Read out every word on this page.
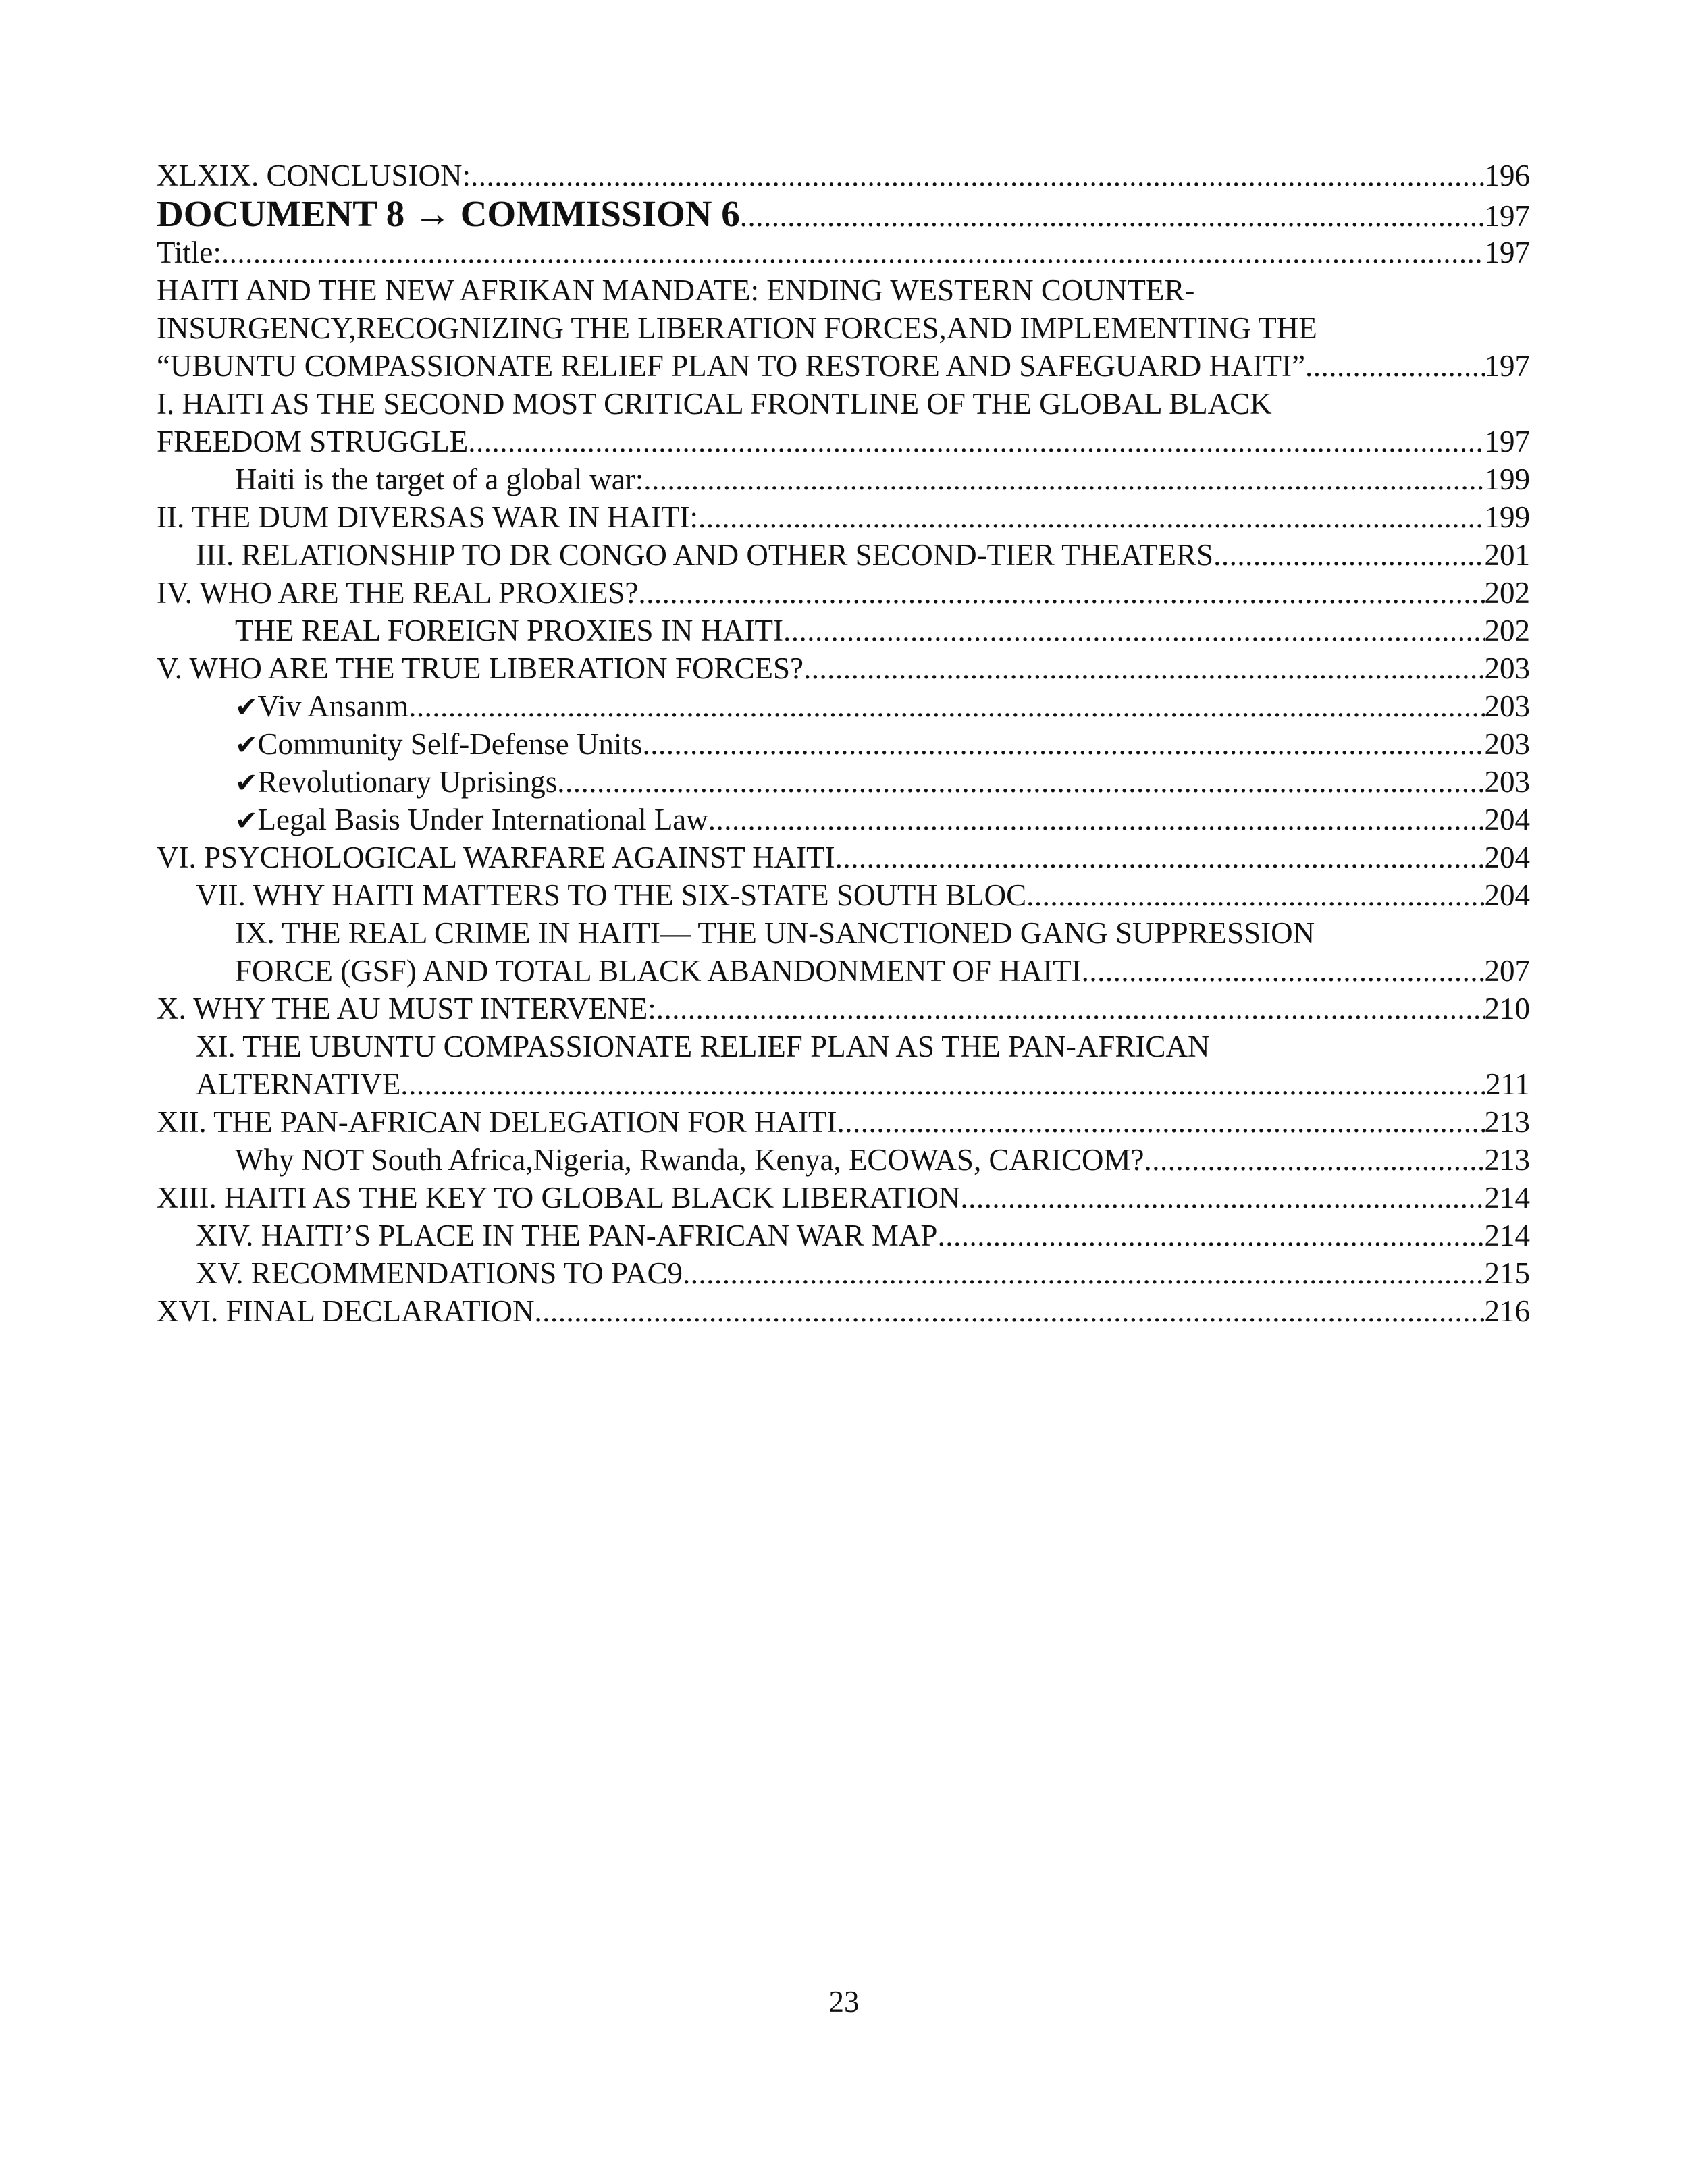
XLXIX. CONCLUSION: .....	196
DOCUMENT 8 → COMMISSION 6 .....	197
Title: .....	197
HAITI AND THE NEW AFRIKAN MANDATE: ENDING WESTERN COUNTER-
INSURGENCY,RECOGNIZING THE LIBERATION FORCES,AND IMPLEMENTING THE
“UBUNTU COMPASSIONATE RELIEF PLAN TO RESTORE AND SAFEGUARD HAITI” .....	197
I. HAITI AS THE SECOND MOST CRITICAL FRONTLINE OF THE GLOBAL BLACK
FREEDOM STRUGGLE .....	197
Haiti is the target of a global war: .....	199
II. THE DUM DIVERSAS WAR IN HAITI: .....	199
III. RELATIONSHIP TO DR CONGO AND OTHER SECOND-TIER THEATERS .....	201
IV. WHO ARE THE REAL PROXIES? .....	202
THE REAL FOREIGN PROXIES IN HAITI .....	202
V. WHO ARE THE TRUE LIBERATION FORCES? .....	203
✔ Viv Ansanm .....	203
✔ Community Self-Defense Units .....	203
✔ Revolutionary Uprisings .....	203
✔ Legal Basis Under International Law .....	204
VI. PSYCHOLOGICAL WARFARE AGAINST HAITI .....	204
VII. WHY HAITI MATTERS TO THE SIX-STATE SOUTH BLOC .....	204
IX. THE REAL CRIME IN HAITI— THE UN-SANCTIONED GANG SUPPRESSION
FORCE (GSF) AND TOTAL BLACK ABANDONMENT OF HAITI .....	207
X. WHY THE AU MUST INTERVENE: .....	210
XI. THE UBUNTU COMPASSIONATE RELIEF PLAN AS THE PAN-AFRICAN
ALTERNATIVE .....	211
XII. THE PAN-AFRICAN DELEGATION FOR HAITI .....	213
Why NOT South Africa,Nigeria, Rwanda, Kenya, ECOWAS, CARICOM? .....	213
XIII. HAITI AS THE KEY TO GLOBAL BLACK LIBERATION .....	214
XIV. HAITI’S PLACE IN THE PAN-AFRICAN WAR MAP .....	214
XV. RECOMMENDATIONS TO PAC9 .....	215
XVI. FINAL DECLARATION .....	216
23
